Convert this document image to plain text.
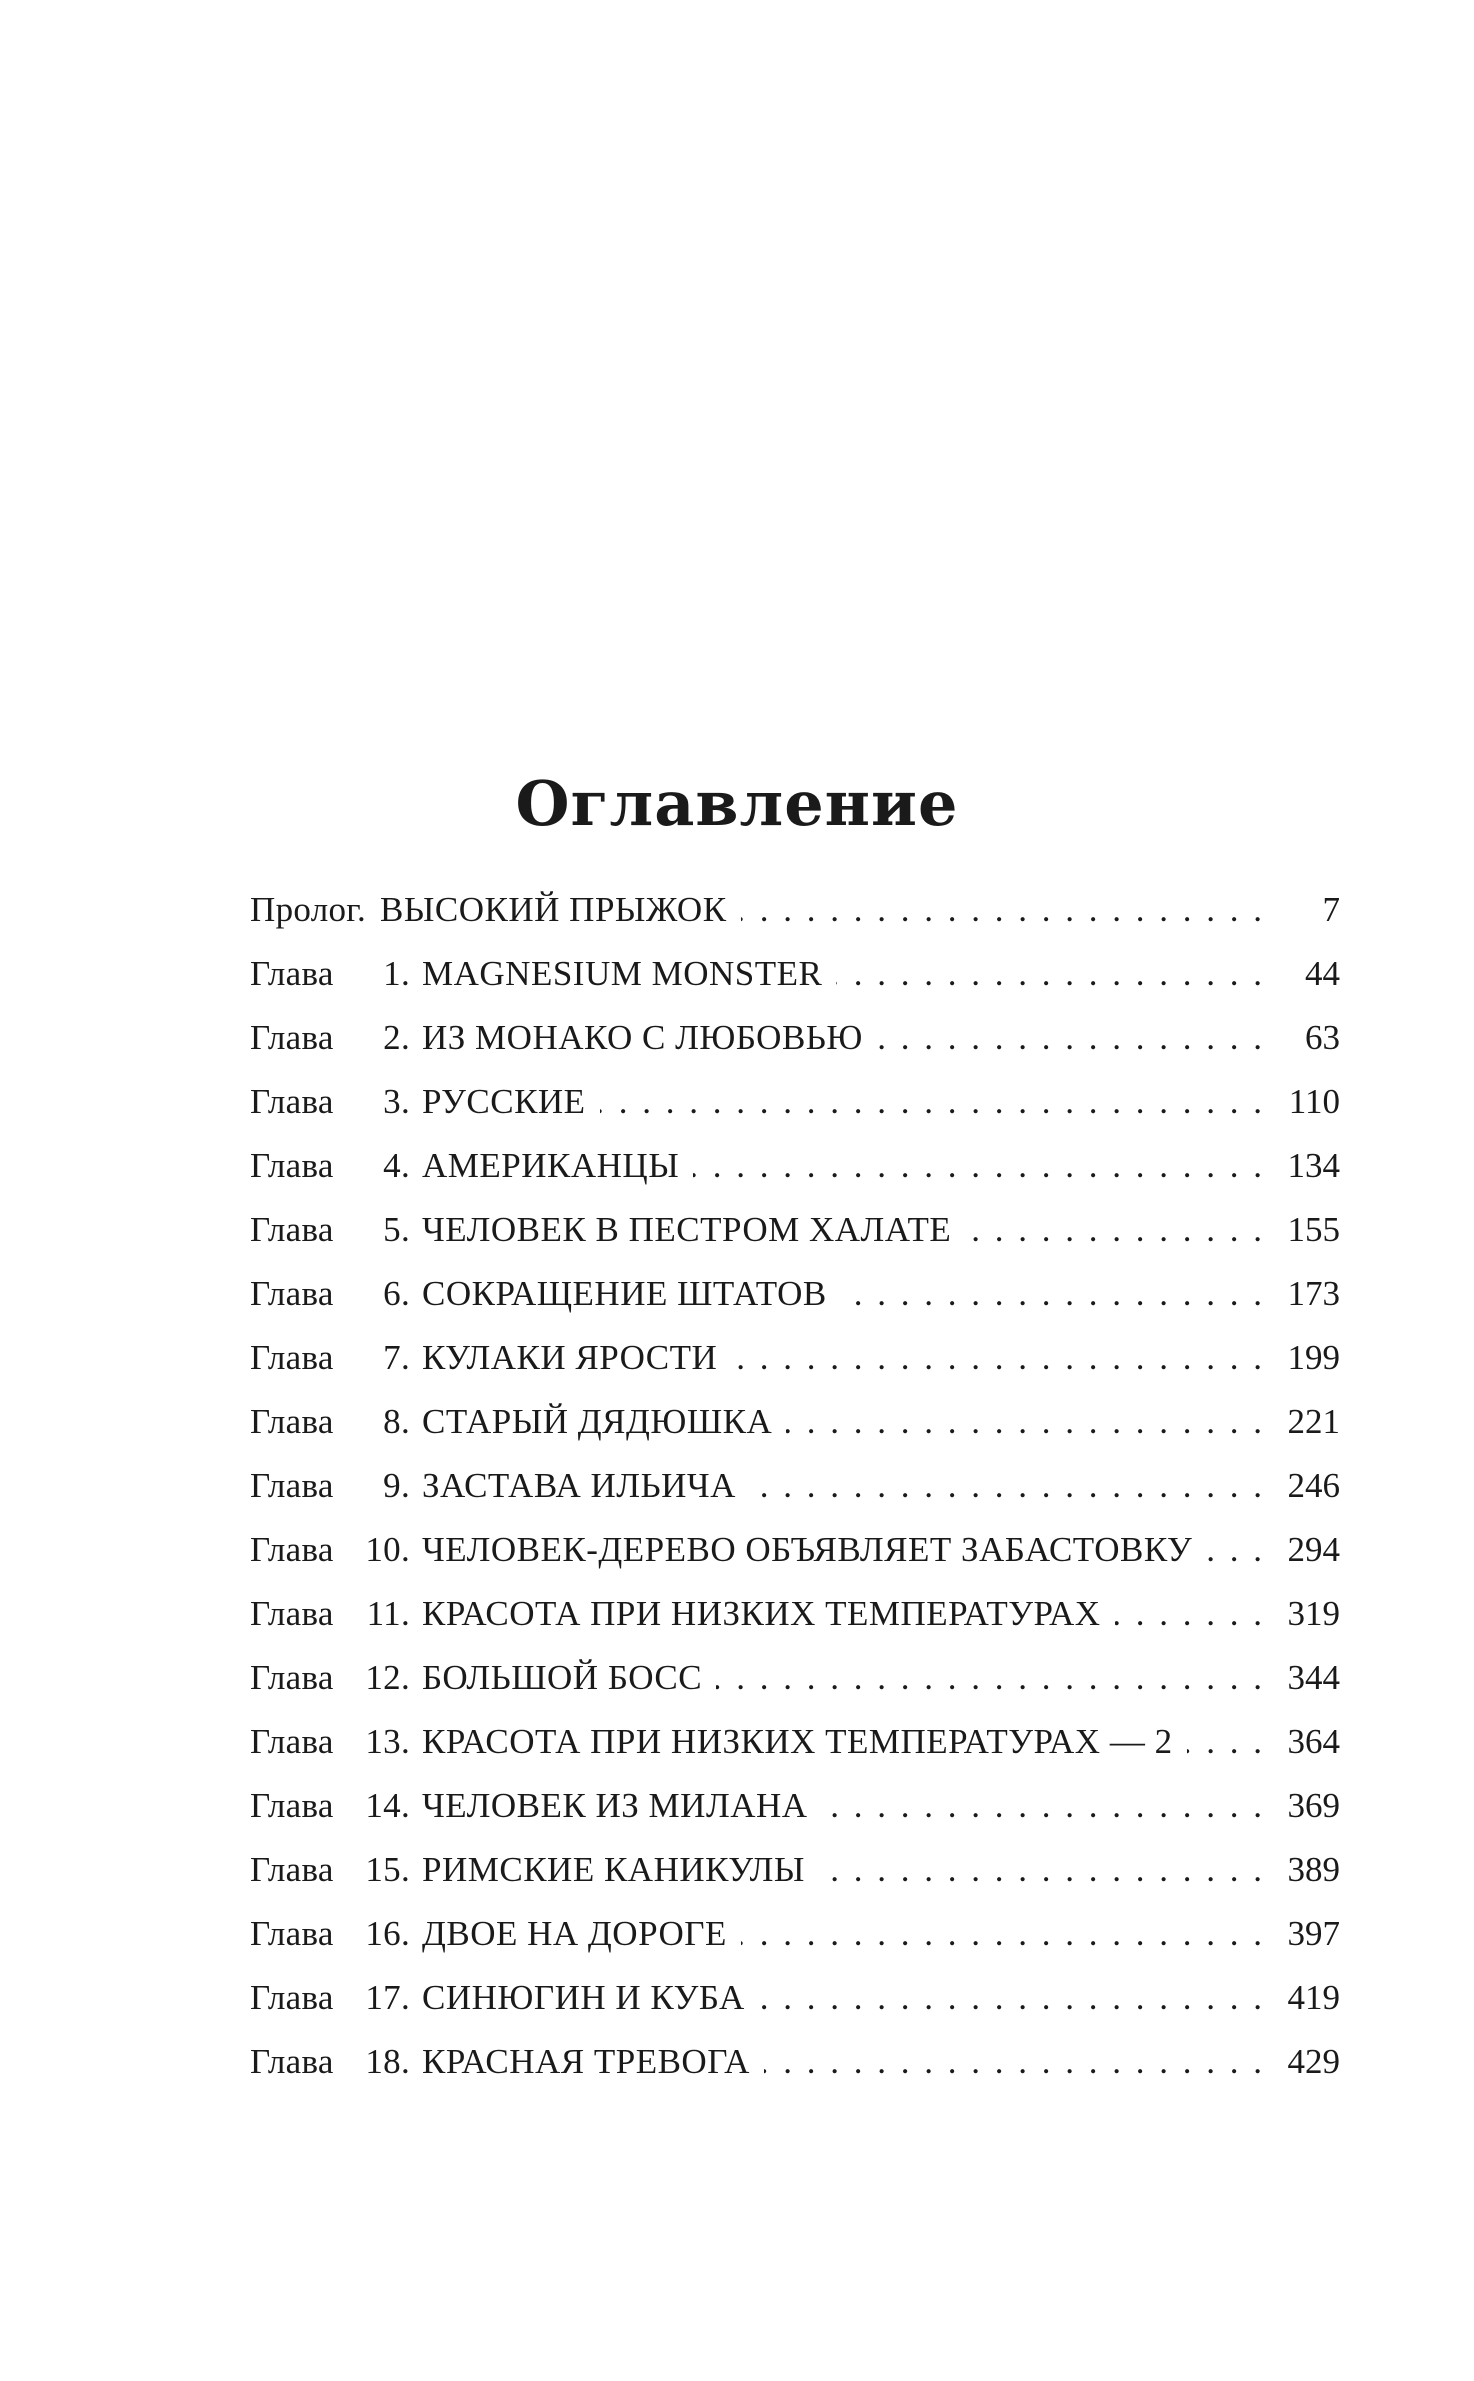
Оглавление
Пролог. ВЫСОКИЙ ПРЫЖОК . . .	7
Глава 1. MAGNESIUM MONSTER . . .	44
Глава 2. ИЗ МОНАКО С ЛЮБОВЬЮ . . .	63
Глава 3. РУССКИЕ . . .	110
Глава 4. АМЕРИКАНЦЫ . . .	134
Глава 5. ЧЕЛОВЕК В ПЕСТРОМ ХАЛАТЕ . . .	155
Глава 6. СОКРАЩЕНИЕ ШТАТОВ . . .	173
Глава 7. КУЛАКИ ЯРОСТИ . . .	199
Глава 8. СТАРЫЙ ДЯДЮШКА . . .	221
Глава 9. ЗАСТАВА ИЛЬИЧА . . .	246
Глава 10. ЧЕЛОВЕК-ДЕРЕВО ОБЪЯВЛЯЕТ ЗАБАСТОВКУ . . .	294
Глава 11. КРАСОТА ПРИ НИЗКИХ ТЕМПЕРАТУРАХ . . .	319
Глава 12. БОЛЬШОЙ БОСС . . .	344
Глава 13. КРАСОТА ПРИ НИЗКИХ ТЕМПЕРАТУРАХ — 2 . . .	364
Глава 14. ЧЕЛОВЕК ИЗ МИЛАНА . . .	369
Глава 15. РИМСКИЕ КАНИКУЛЫ . . .	389
Глава 16. ДВОЕ НА ДОРОГЕ . . .	397
Глава 17. СИНЮГИН И КУБА . . .	419
Глава 18. КРАСНАЯ ТРЕВОГА . . .	429
